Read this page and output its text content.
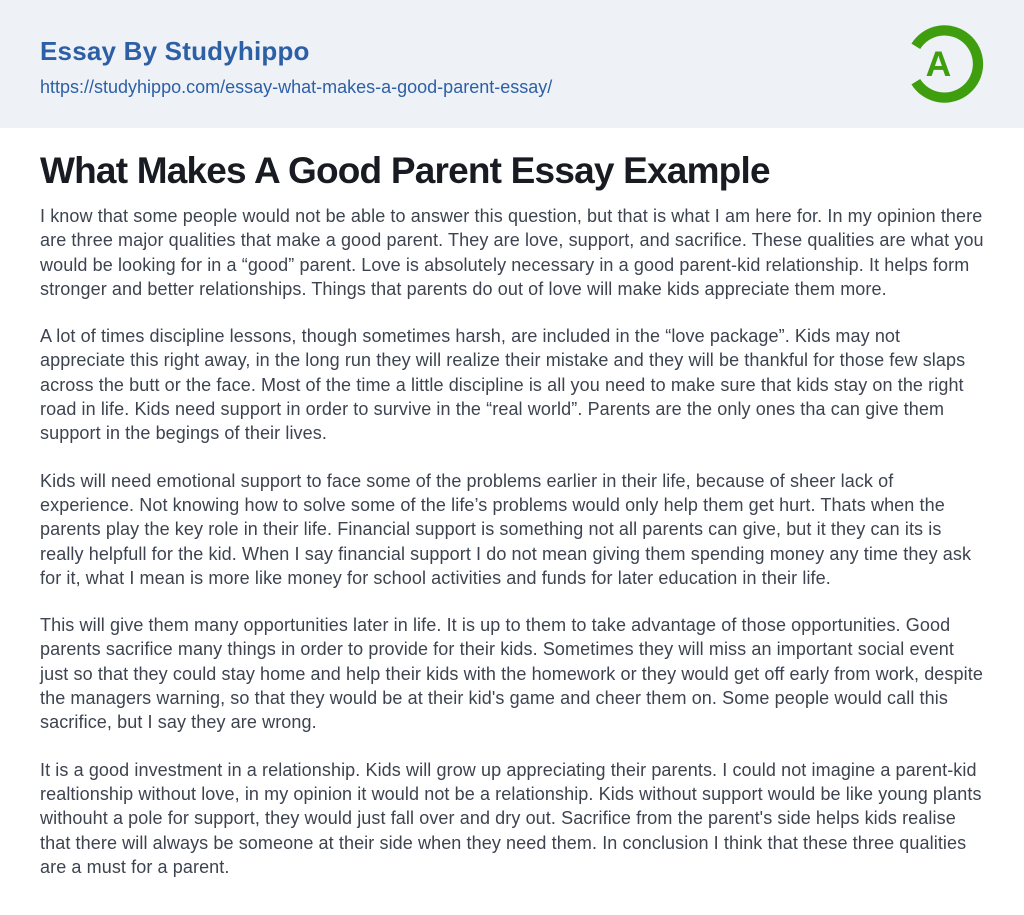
Essay By Studyhippo
https://studyhippo.com/essay-what-makes-a-good-parent-essay/
A
What Makes A Good Parent Essay Example

I know that some people would not be able to answer this question, but that is what I am here for. In my opinion there are three major qualities that make a good parent. They are love, support, and sacrifice. These qualities are what you would be looking for in a “good” parent. Love is absolutely necessary in a good parent-kid relationship. It helps form stronger and better relationships. Things that parents do out of love will make kids appreciate them more.

A lot of times discipline lessons, though sometimes harsh, are included in the “love package”. Kids may not appreciate this right away, in the long run they will realize their mistake and they will be thankful for those few slaps across the butt or the face. Most of the time a little discipline is all you need to make sure that kids stay on the right road in life. Kids need support in order to survive in the “real world”. Parents are the only ones tha can give them support in the begings of their lives.

Kids will need emotional support to face some of the problems earlier in their life, because of sheer lack of experience. Not knowing how to solve some of the life’s problems would only help them get hurt. Thats when the parents play the key role in their life. Financial support is something not all parents can give, but it they can its is really helpfull for the kid. When I say financial support I do not mean giving them spending money any time they ask for it, what I mean is more like money for school activities and funds for later education in their life.

This will give them many opportunities later in life. It is up to them to take advantage of those opportunities. Good parents sacrifice many things in order to provide for their kids. Sometimes they will miss an important social event just so that they could stay home and help their kids with the homework or they would get off early from work, despite the managers warning, so that they would be at their kid's game and cheer them on. Some people would call this sacrifice, but I say they are wrong.

It is a good investment in a relationship. Kids will grow up appreciating their parents. I could not imagine a parent-kid realtionship without love, in my opinion it would not be a relationship. Kids without support would be like young plants withouht a pole for support, they would just fall over and dry out. Sacrifice from the parent's side helps kids realise that there will always be someone at their side when they need them. In conclusion I think that these three qualities are a must for a parent.
